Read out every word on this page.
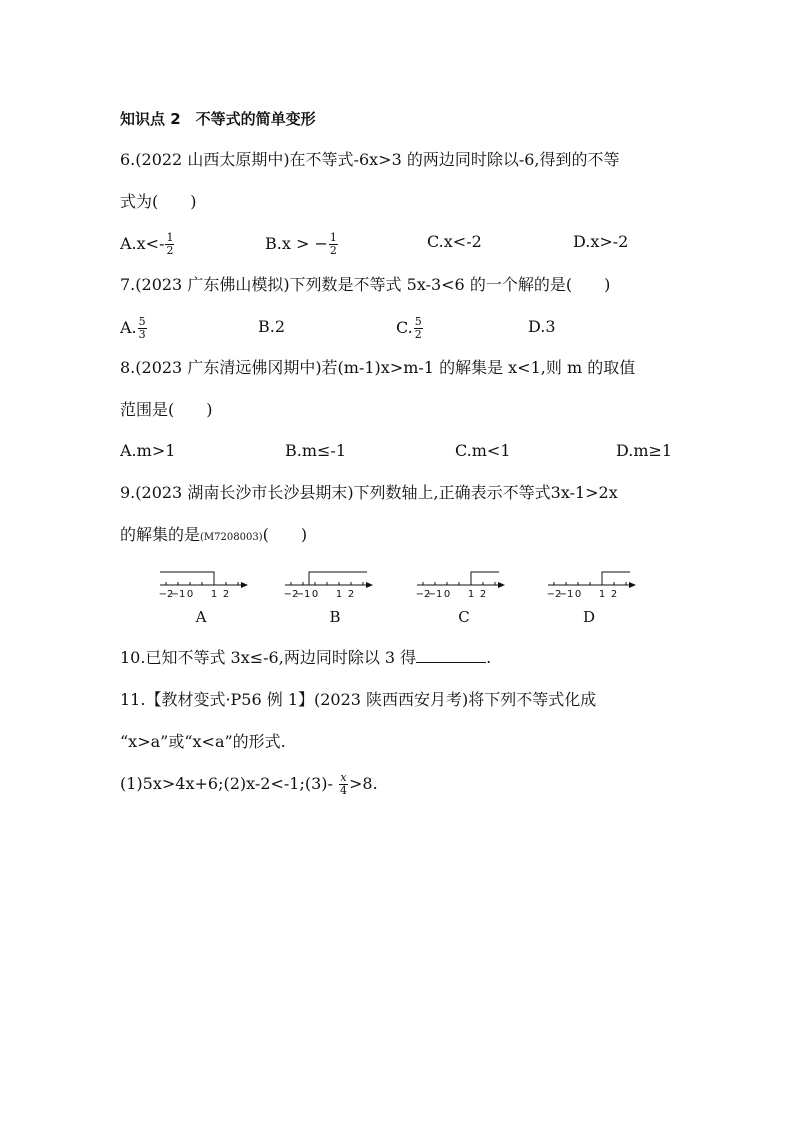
知识点 2　不等式的简单变形
6.(2022 山西太原期中)在不等式-6x>3 的两边同时除以-6,得到的不等
式为(　　)
$A.x<- \frac{1}{2}$	B.x > − $\frac{1}{2}$	C.x<-2	D.x>-2
7.(2023 广东佛山模拟)下列数是不等式 5x-3<6 的一个解的是(　　)
A. $\frac{5}{3}$	B.2	C. $\frac{5}{2}$	D.3
8.(2023 广东清远佛冈期中)若(m-1)x>m-1 的解集是 x<1,则 m 的取值
范围是(　　)
A.m>1	B.m≤-1	C.m<1	D.m≥1
9.(2023 湖南长沙市长沙县期末)下列数轴上,正确表示不等式3x-1>2x
的解集的是(M7208003)(　　)
−2
−1 0 1 2
A
−2
−1 0 1 2
B
−2
−1 0 1 2
C
−2
−1 0 1 2
D
10.已知不等式 3x≤-6,两边同时除以 3 得	.
11.【教材变式·P56 例 1】(2023 陕西西安月考)将下列不等式化成
“x>a”或“x<a”的形式.
(1)5x>4x+6;(2)x-2<-1;(3)- $\frac{x}{4} >8$.
